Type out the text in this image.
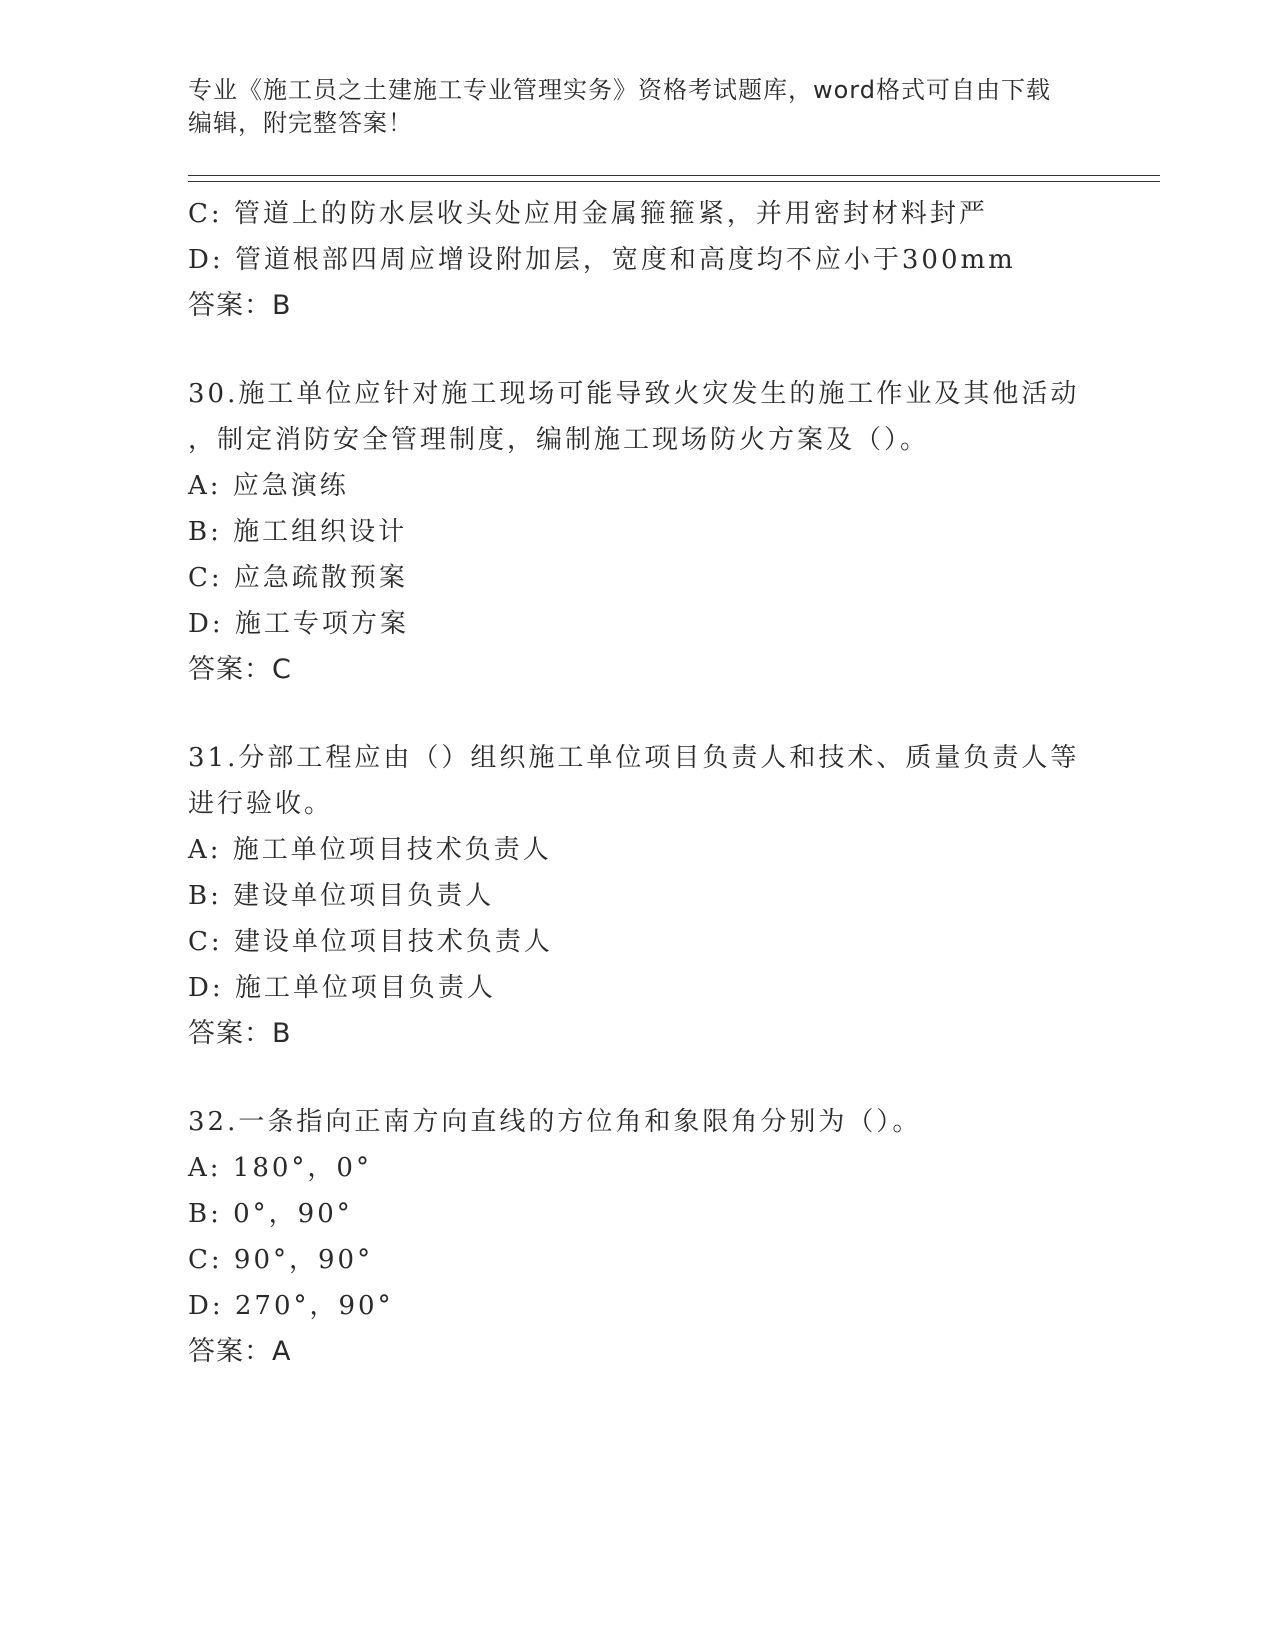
专业《施工员之土建施工专业管理实务》资格考试题库，word格式可自由下载编辑，附完整答案！
C: 管道上的防水层收头处应用金属箍箍紧，并用密封材料封严
D: 管道根部四周应增设附加层，宽度和高度均不应小于300mm
答案：B
30.施工单位应针对施工现场可能导致火灾发生的施工作业及其他活动
，制定消防安全管理制度，编制施工现场防火方案及（）。
A: 应急演练
B: 施工组织设计
C: 应急疏散预案
D: 施工专项方案
答案：C
31.分部工程应由（）组织施工单位项目负责人和技术、质量负责人等
进行验收。
A: 施工单位项目技术负责人
B: 建设单位项目负责人
C: 建设单位项目技术负责人
D: 施工单位项目负责人
答案：B
32.一条指向正南方向直线的方位角和象限角分别为（）。
A: 180°，0°
B: 0°，90°
C: 90°，90°
D: 270°，90°
答案：A
